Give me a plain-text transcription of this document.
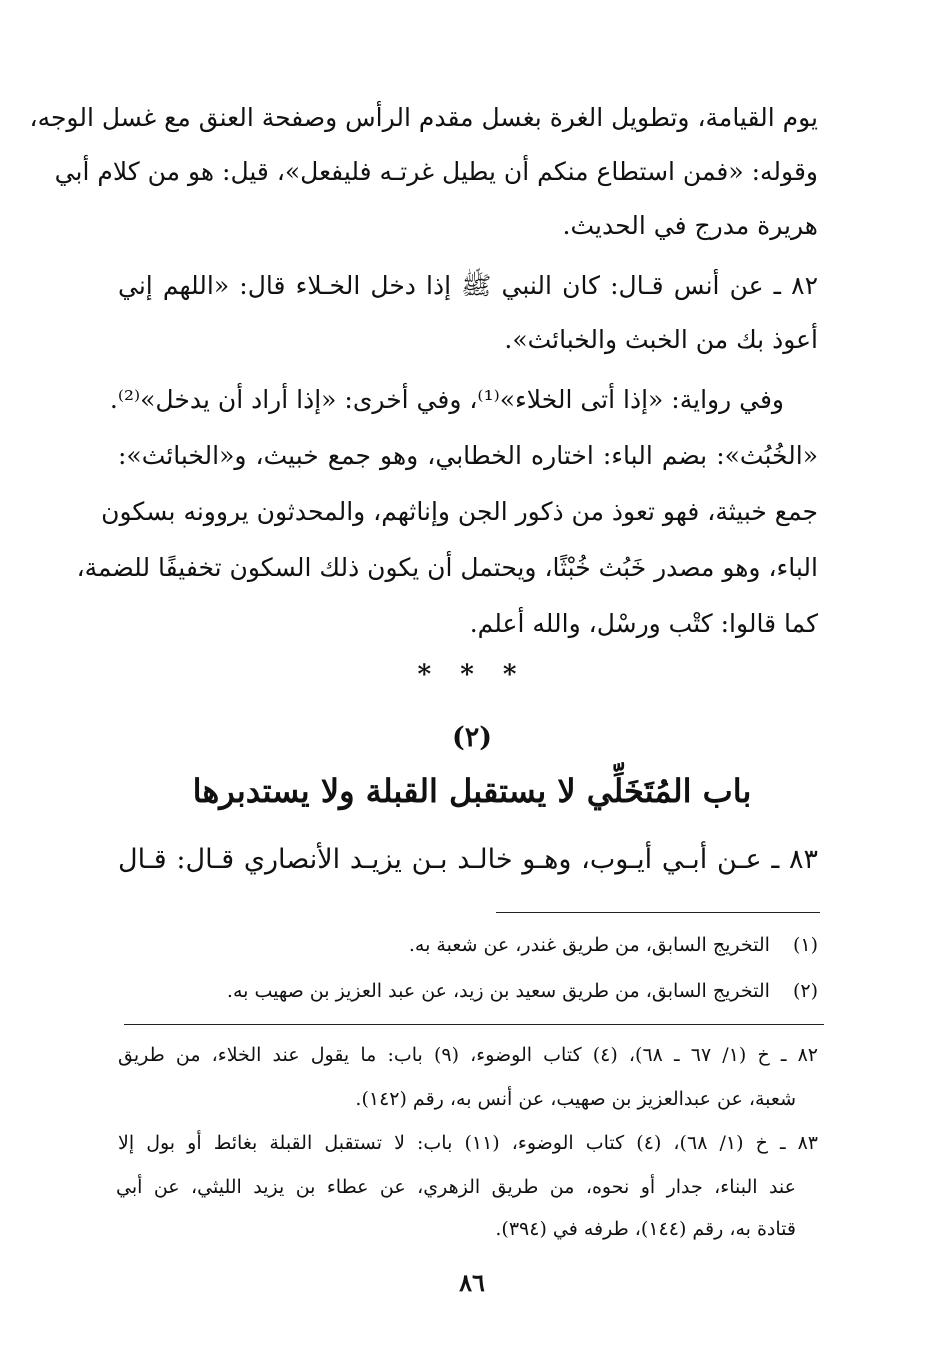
يوم القيامة، وتطويل الغرة بغسل مقدم الرأس وصفحة العنق مع غسل الوجه،
وقوله: «فمن استطاع منكم أن يطيل غرتـه فليفعل»، قيل: هو من كلام أبي
هريرة مدرج في الحديث.
٨٢ ـ عن أنس قـال: كان النبي ﷺ إذا دخل الخـلاء قال: «اللهم إني
أعوذ بك من الخبث والخبائث».
وفي رواية: «إذا أتى الخلاء»⁽¹⁾، وفي أخرى: «إذا أراد أن يدخل»⁽²⁾.
«الخُبُث»: بضم الباء: اختاره الخطابي، وهو جمع خبيث، و«الخبائث»:
جمع خبيثة، فهو تعوذ من ذكور الجن وإناثهم، والمحدثون يروونه بسكون
الباء، وهو مصدر خَبُث خُبْثًا، ويحتمل أن يكون ذلك السكون تخفيفًا للضمة،
كما قالوا: كتْب ورسْل، والله أعلم.
* * *
(٢)
باب المُتَخَلِّي لا يستقبل القبلة ولا يستدبرها
٨٣ ـ عـن أبـي أيـوب، وهـو خالـد بـن يزيـد الأنصاري قـال: قـال
(١) التخريج السابق، من طريق غندر، عن شعبة به.
(٢) التخريج السابق، من طريق سعيد بن زيد، عن عبد العزيز بن صهيب به.
٨٢ ـ خ (١/ ٦٧ ـ ٦٨)، (٤) كتاب الوضوء، (٩) باب: ما يقول عند الخلاء، من طريق
شعبة، عن عبدالعزيز بن صهيب، عن أنس به، رقم (١٤٢).
٨٣ ـ خ (١/ ٦٨)، (٤) كتاب الوضوء، (١١) باب: لا تستقبل القبلة بغائط أو بول إلا
عند البناء، جدار أو نحوه، من طريق الزهري، عن عطاء بن يزيد الليثي، عن أبي
قتادة به، رقم (١٤٤)، طرفه في (٣٩٤).
٨٦
